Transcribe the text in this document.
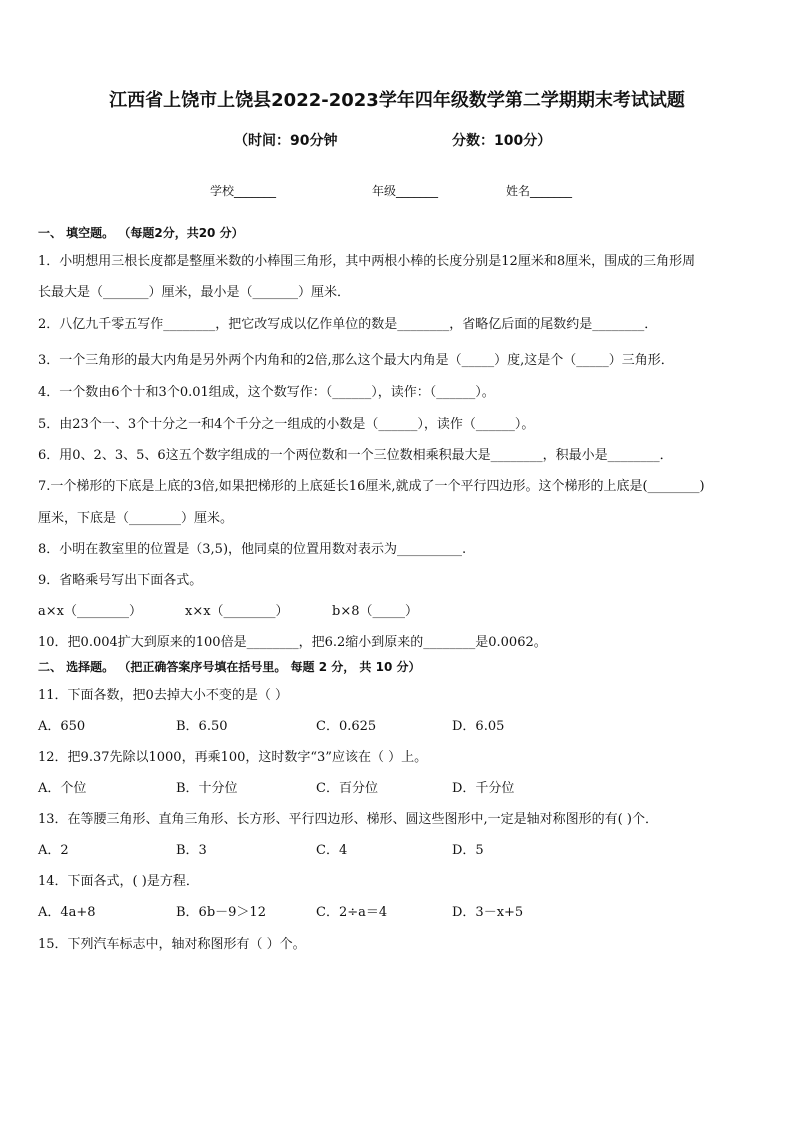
江西省上饶市上饶县2022-2023学年四年级数学第二学期期末考试试题
（时间：90分钟	分数：100分）
学校_______	年级_______	姓名_______
一、 填空题。 （每题2分，共20 分）
1．小明想用三根长度都是整厘米数的小棒围三角形，其中两根小棒的长度分别是12厘米和8厘米，围成的三角形周
长最大是（_______）厘米，最小是（_______）厘米．
2．八亿九千零五写作________，把它改写成以亿作单位的数是________，省略亿后面的尾数约是________．
3．一个三角形的最大内角是另外两个内角和的2倍,那么这个最大内角是（_____）度,这是个（_____）三角形．
4．一个数由6个十和3个0.01组成，这个数写作：（______），读作：（______）。
5．由23个一、3个十分之一和4个千分之一组成的小数是（______），读作（______）。
6．用0、2、3、5、6这五个数字组成的一个两位数和一个三位数相乘积最大是________，积最小是________．
7.一个梯形的下底是上底的3倍,如果把梯形的上底延长16厘米,就成了一个平行四边形。这个梯形的上底是(________)
厘米，下底是（________）厘米。
8．小明在教室里的位置是（3,5)，他同桌的位置用数对表示为__________.
9．省略乘号写出下面各式。
a×x（________）	x×x（________）	b×8（_____）
10．把0.004扩大到原来的100倍是________，把6.2缩小到原来的________是0.0062。
二、 选择题。 （把正确答案序号填在括号里。 每题 2 分， 共 10 分）
11．下面各数，把0去掉大小不变的是（ ）
A．650	B．6.50	C．0.625	D．6.05
12．把9.37先除以1000，再乘100，这时数字“3”应该在（ ）上。
A．个位	B．十分位	C．百分位	D．千分位
13．在等腰三角形、直角三角形、长方形、平行四边形、梯形、圆这些图形中,一定是轴对称图形的有( )个．
A．2	B．3	C．4	D．5
14．下面各式，( )是方程．
A．4a+8	B．6b－9＞12	C．2÷a＝4	D．3－x+5
15．下列汽车标志中，轴对称图形有（ ）个。
